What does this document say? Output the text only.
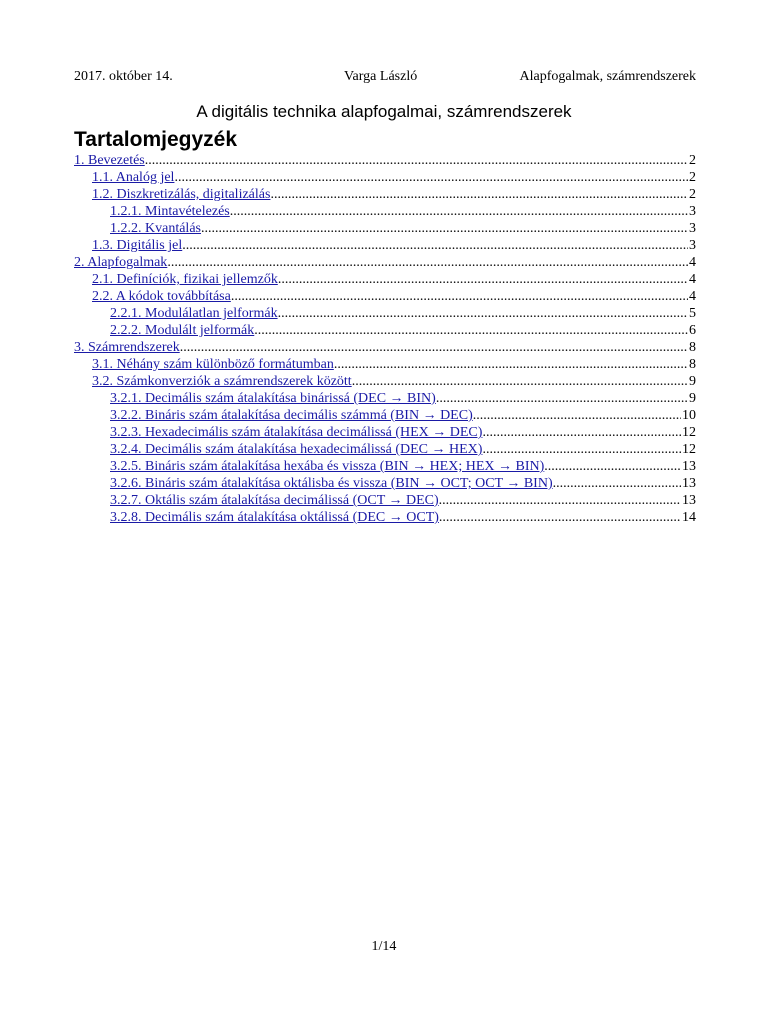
2017. október 14.	Varga László	Alapfogalmak, számrendszerek
A digitális technika alapfogalmai, számrendszerek
Tartalomjegyzék
1. Bevezetés .....	2
1.1. Analóg jel .....	2
1.2. Diszkretizálás, digitalizálás .....	2
1.2.1. Mintavételezés .....	3
1.2.2. Kvantálás .....	3
1.3. Digitális jel .....	3
2. Alapfogalmak .....	4
2.1. Definíciók, fizikai jellemzők .....	4
2.2. A kódok továbbítása .....	4
2.2.1. Modulálatlan jelformák .....	5
2.2.2. Modulált jelformák .....	6
3. Számrendszerek .....	8
3.1. Néhány szám különböző formátumban .....	8
3.2. Számkonverziók a számrendszerek között .....	9
3.2.1. Decimális szám átalakítása binárissá (DEC → BIN) .....	9
3.2.2. Bináris szám átalakítása decimális számmá (BIN → DEC) .....	10
3.2.3. Hexadecimális szám átalakítása decimálissá (HEX → DEC) .....	12
3.2.4. Decimális szám átalakítása hexadecimálissá (DEC → HEX) .....	12
3.2.5. Bináris szám átalakítása hexába és vissza (BIN → HEX; HEX → BIN) .....	13
3.2.6. Bináris szám átalakítása oktálisba és vissza (BIN → OCT; OCT → BIN) .....	13
3.2.7. Oktális szám átalakítása decimálissá (OCT → DEC) .....	13
3.2.8. Decimális szám átalakítása oktálissá (DEC → OCT) .....	14
1/14
